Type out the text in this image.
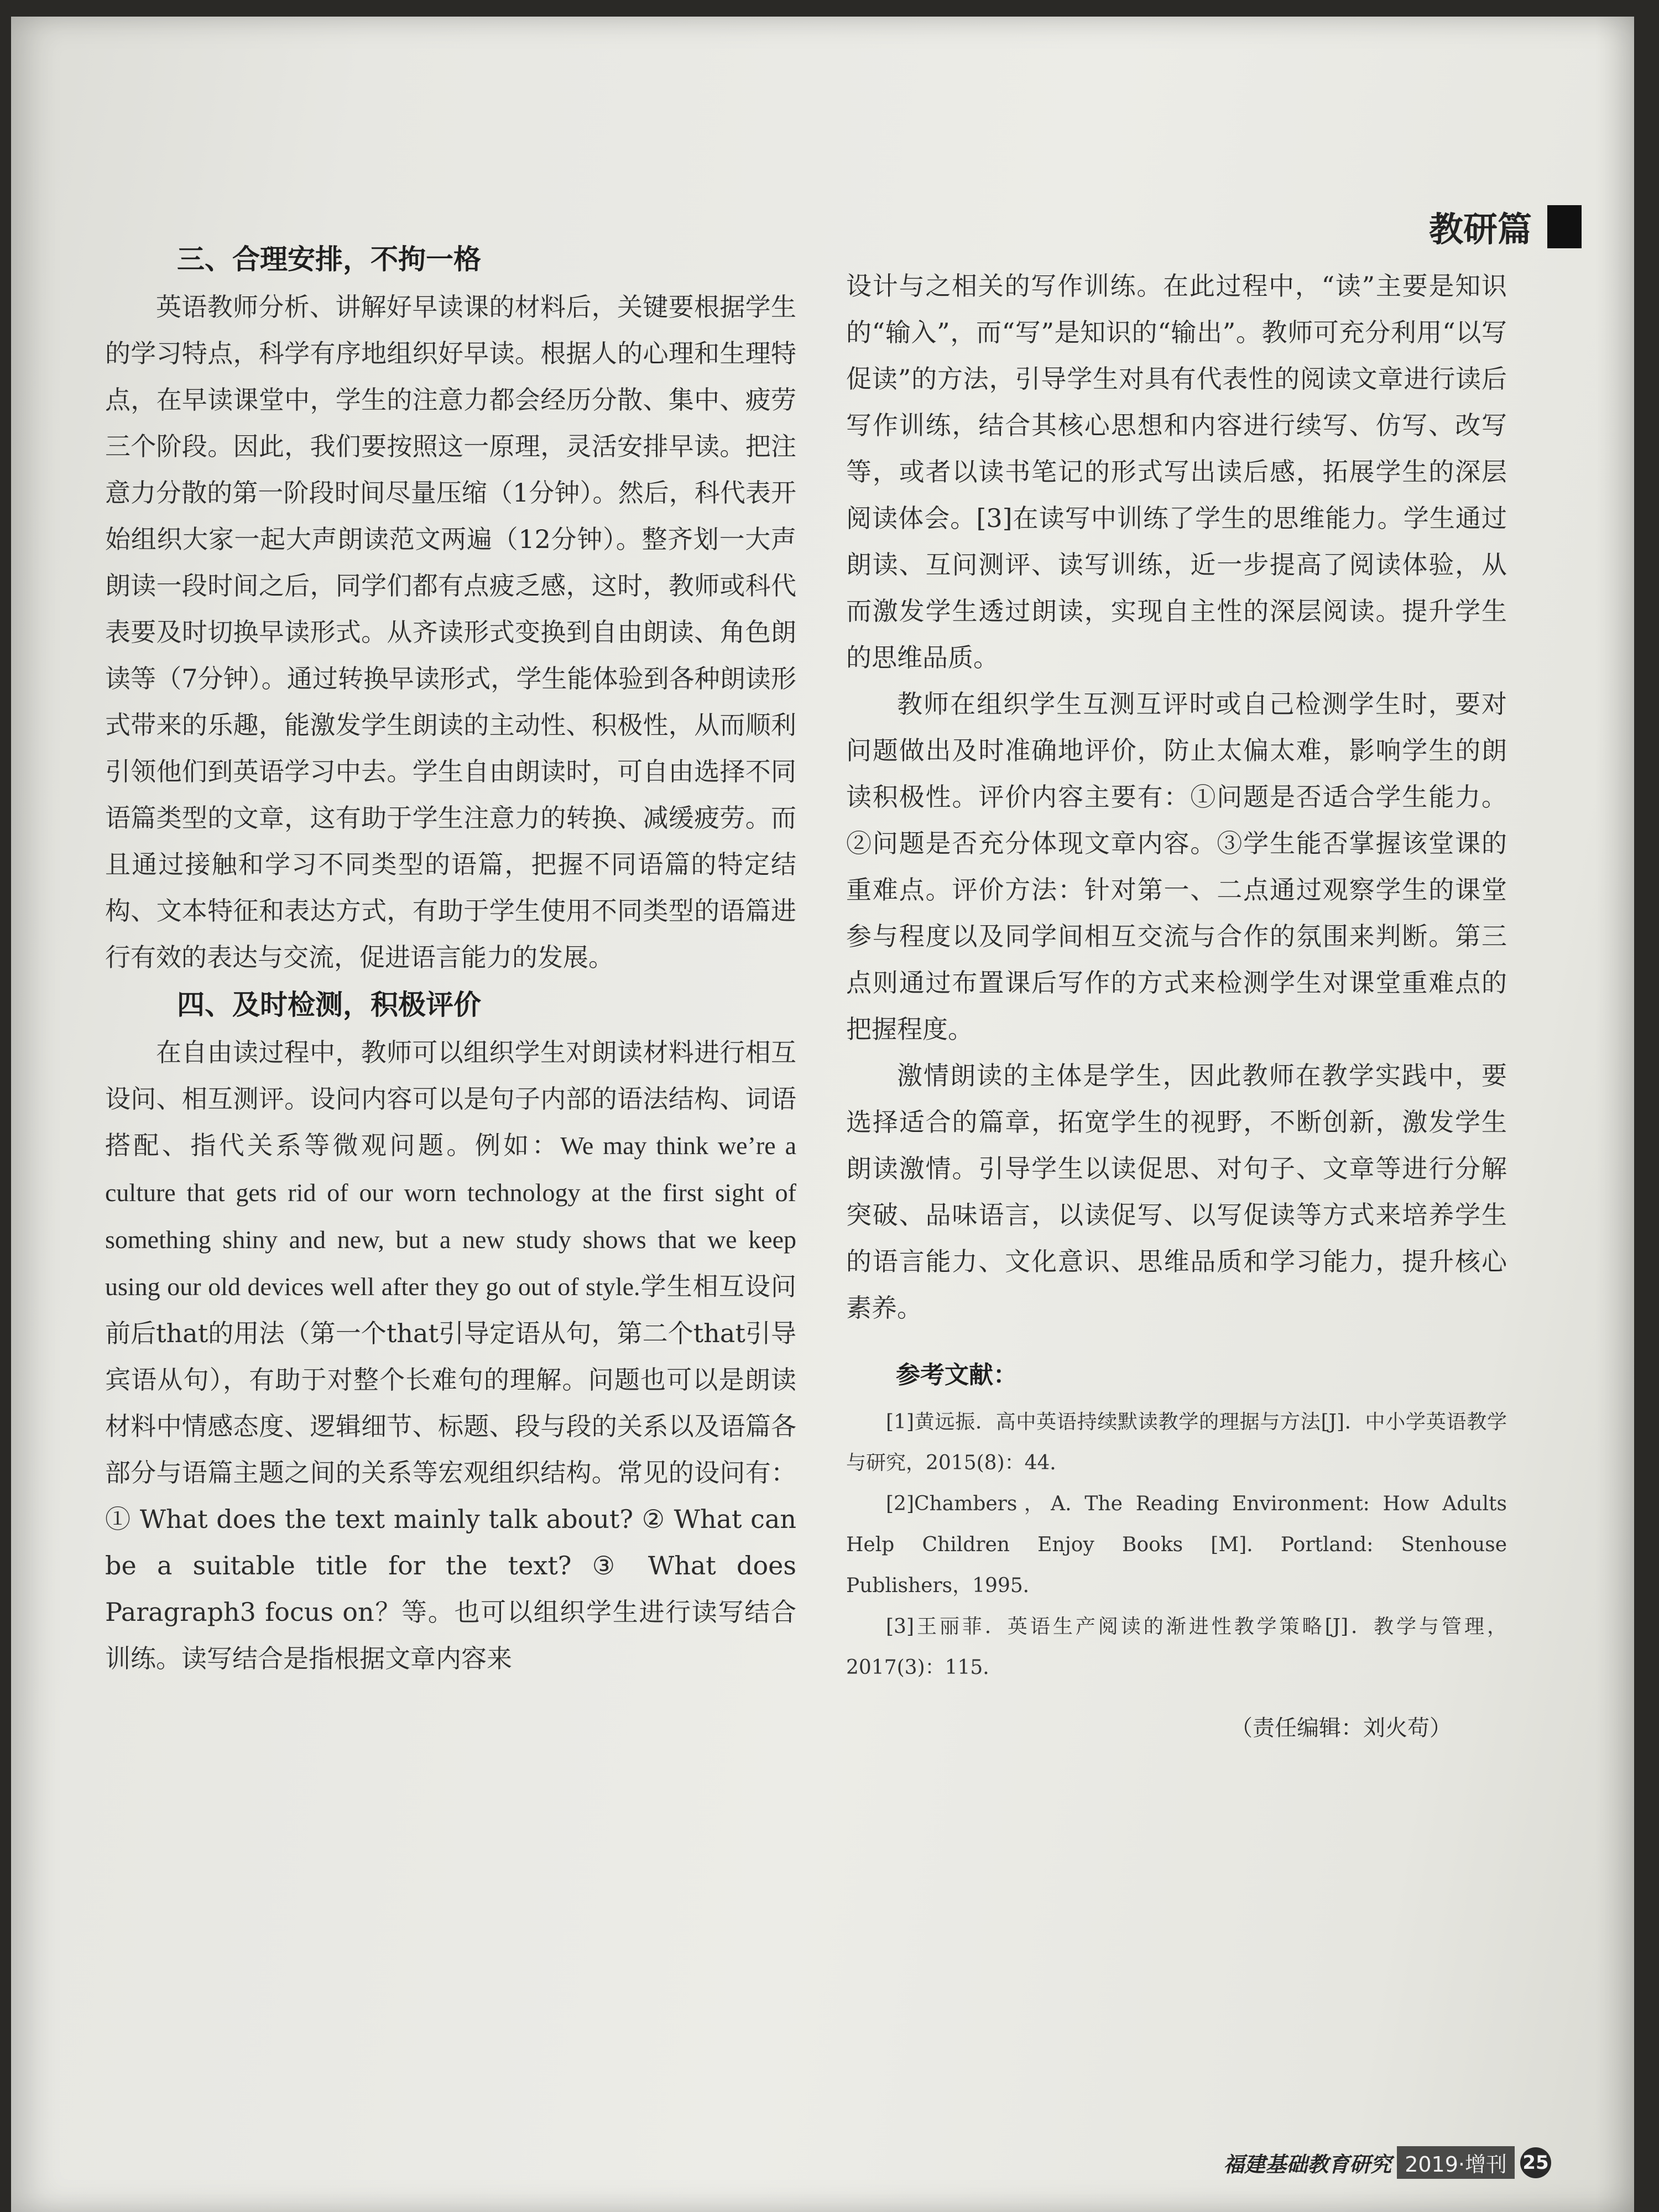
教研篇

三、合理安排，不拘一格

英语教师分析、讲解好早读课的材料后，关键要根据学生的学习特点，科学有序地组织好早读。根据人的心理和生理特点，在早读课堂中，学生的注意力都会经历分散、集中、疲劳三个阶段。因此，我们要按照这一原理，灵活安排早读。把注意力分散的第一阶段时间尽量压缩（1分钟）。然后，科代表开始组织大家一起大声朗读范文两遍（12分钟）。整齐划一大声朗读一段时间之后，同学们都有点疲乏感，这时，教师或科代表要及时切换早读形式。从齐读形式变换到自由朗读、角色朗读等（7分钟）。通过转换早读形式，学生能体验到各种朗读形式带来的乐趣，能激发学生朗读的主动性、积极性，从而顺利引领他们到英语学习中去。学生自由朗读时，可自由选择不同语篇类型的文章，这有助于学生注意力的转换、减缓疲劳。而且通过接触和学习不同类型的语篇，把握不同语篇的特定结构、文本特征和表达方式，有助于学生使用不同类型的语篇进行有效的表达与交流，促进语言能力的发展。

四、及时检测，积极评价

在自由读过程中，教师可以组织学生对朗读材料进行相互设问、相互测评。设问内容可以是句子内部的语法结构、词语搭配、指代关系等微观问题。例如：We may think we’re a culture that gets rid of our worn technology at the first sight of something shiny and new, but a new study shows that we keep using our old devices well after they go out of style.学生相互设问前后that的用法（第一个that引导定语从句，第二个that引导宾语从句），有助于对整个长难句的理解。问题也可以是朗读材料中情感态度、逻辑细节、标题、段与段的关系以及语篇各部分与语篇主题之间的关系等宏观组织结构。常见的设问有：① What does the text mainly talk about? ② What can be a suitable title for the text? ③ What does Paragraph3 focus on？等。也可以组织学生进行读写结合训练。读写结合是指根据文章内容来

设计与之相关的写作训练。在此过程中，“读”主要是知识的“输入”，而“写”是知识的“输出”。教师可充分利用“以写促读”的方法，引导学生对具有代表性的阅读文章进行读后写作训练，结合其核心思想和内容进行续写、仿写、改写等，或者以读书笔记的形式写出读后感，拓展学生的深层阅读体会。[3]在读写中训练了学生的思维能力。学生通过朗读、互问测评、读写训练，近一步提高了阅读体验，从而激发学生透过朗读，实现自主性的深层阅读。提升学生的思维品质。

教师在组织学生互测互评时或自己检测学生时，要对问题做出及时准确地评价，防止太偏太难，影响学生的朗读积极性。评价内容主要有：①问题是否适合学生能力。②问题是否充分体现文章内容。③学生能否掌握该堂课的重难点。评价方法：针对第一、二点通过观察学生的课堂参与程度以及同学间相互交流与合作的氛围来判断。第三点则通过布置课后写作的方式来检测学生对课堂重难点的把握程度。

激情朗读的主体是学生，因此教师在教学实践中，要选择适合的篇章，拓宽学生的视野，不断创新，激发学生朗读激情。引导学生以读促思、对句子、文章等进行分解突破、品味语言，以读促写、以写促读等方式来培养学生的语言能力、文化意识、思维品质和学习能力，提升核心素养。

参考文献：

[1]黄远振．高中英语持续默读教学的理据与方法[J]．中小学英语教学与研究，2015(8)：44．

[2]Chambers，A. The Reading Environment: How Adults Help Children Enjoy Books [M]. Portland: Stenhouse Publishers，1995．

[3]王丽菲．英语生产阅读的渐进性教学策略[J]．教学与管理，2017(3)：115．

（责任编辑：刘火苟）

福建基础教育研究 2019·增刊 25
